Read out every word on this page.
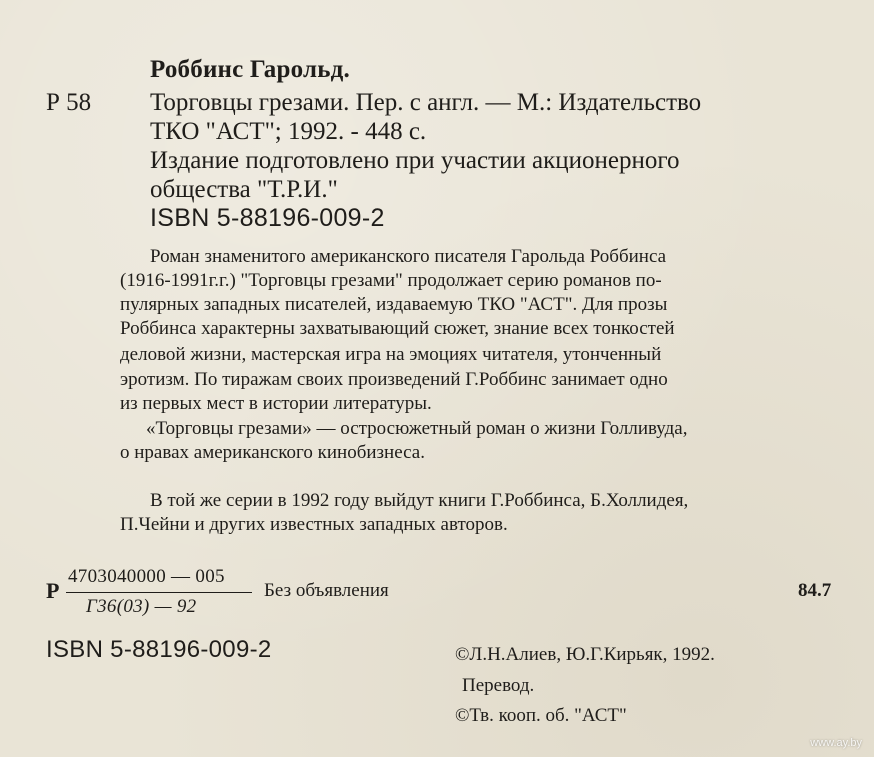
Роббинс Гарольд.
Р 58 Торговцы грезами. Пер. с англ. — М.: Издательство
ТКО "АСТ"; 1992. - 448 с.
Издание подготовлено при участии акционерного
общества "Т.Р.И."
ISBN 5-88196-009-2
Роман знаменитого американского писателя Гарольда Роббинса
(1916-1991г.г.) "Торговцы грезами" продолжает серию романов по-
пулярных западных писателей, издаваемую ТКО "АСТ". Для прозы
Роббинса характерны захватывающий сюжет, знание всех тонкостей
деловой жизни, мастерская игра на эмоциях читателя, утонченный
эротизм. По тиражам своих произведений Г.Роббинс занимает одно
из первых мест в истории литературы.
«Торговцы грезами» — остросюжетный роман о жизни Голливуда,
о нравах американского кинобизнеса.
В той же серии в 1992 году выйдут книги Г.Роббинса, Б.Холлидея,
П.Чейни и других известных западных авторов.
Р
4703040000 — 005
Г36(03) — 92
Без объявления	84.7
ISBN 5-88196-009-2	©Л.Н.Алиев, Ю.Г.Кирьяк, 1992.
Перевод.
©Тв. кооп. об. "АСТ"
www.ay.by
